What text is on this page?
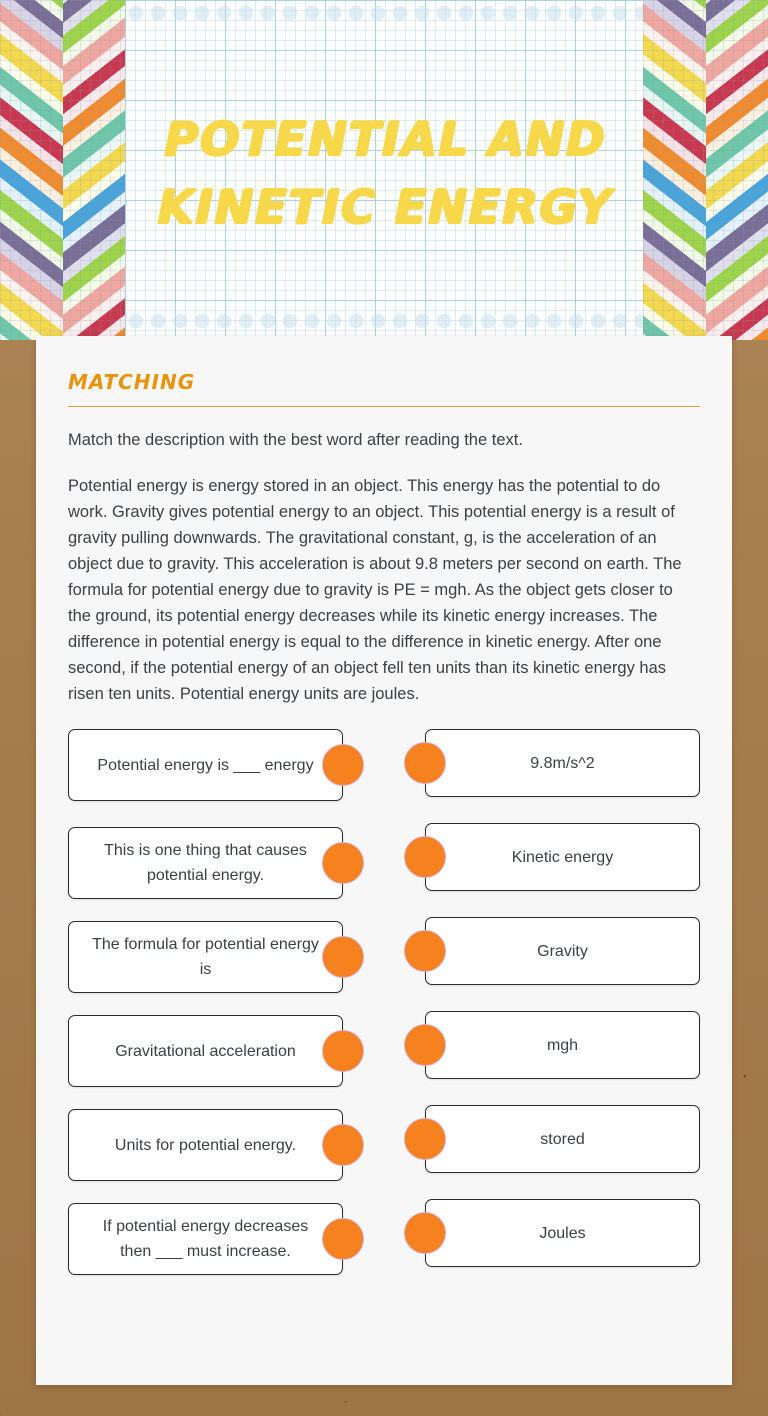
POTENTIAL AND
KINETIC ENERGY
MATCHING

Match the description with the best word after reading the text.

Potential energy is energy stored in an object. This energy has the potential to do work. Gravity gives potential energy to an object. This potential energy is a result of gravity pulling downwards. The gravitational constant, g, is the acceleration of an object due to gravity. This acceleration is about 9.8 meters per second on earth. The formula for potential energy due to gravity is PE = mgh. As the object gets closer to the ground, its potential energy decreases while its kinetic energy increases. The difference in potential energy is equal to the difference in kinetic energy. After one second, if the potential energy of an object fell ten units than its kinetic energy has risen ten units. Potential energy units are joules.

Potential energy is ___ energy
This is one thing that causes potential energy.
The formula for potential energy is
Gravitational acceleration
Units for potential energy.
If potential energy decreases then ___ must increase.
9.8m/s^2
Kinetic energy
Gravity
mgh
stored
Joules
